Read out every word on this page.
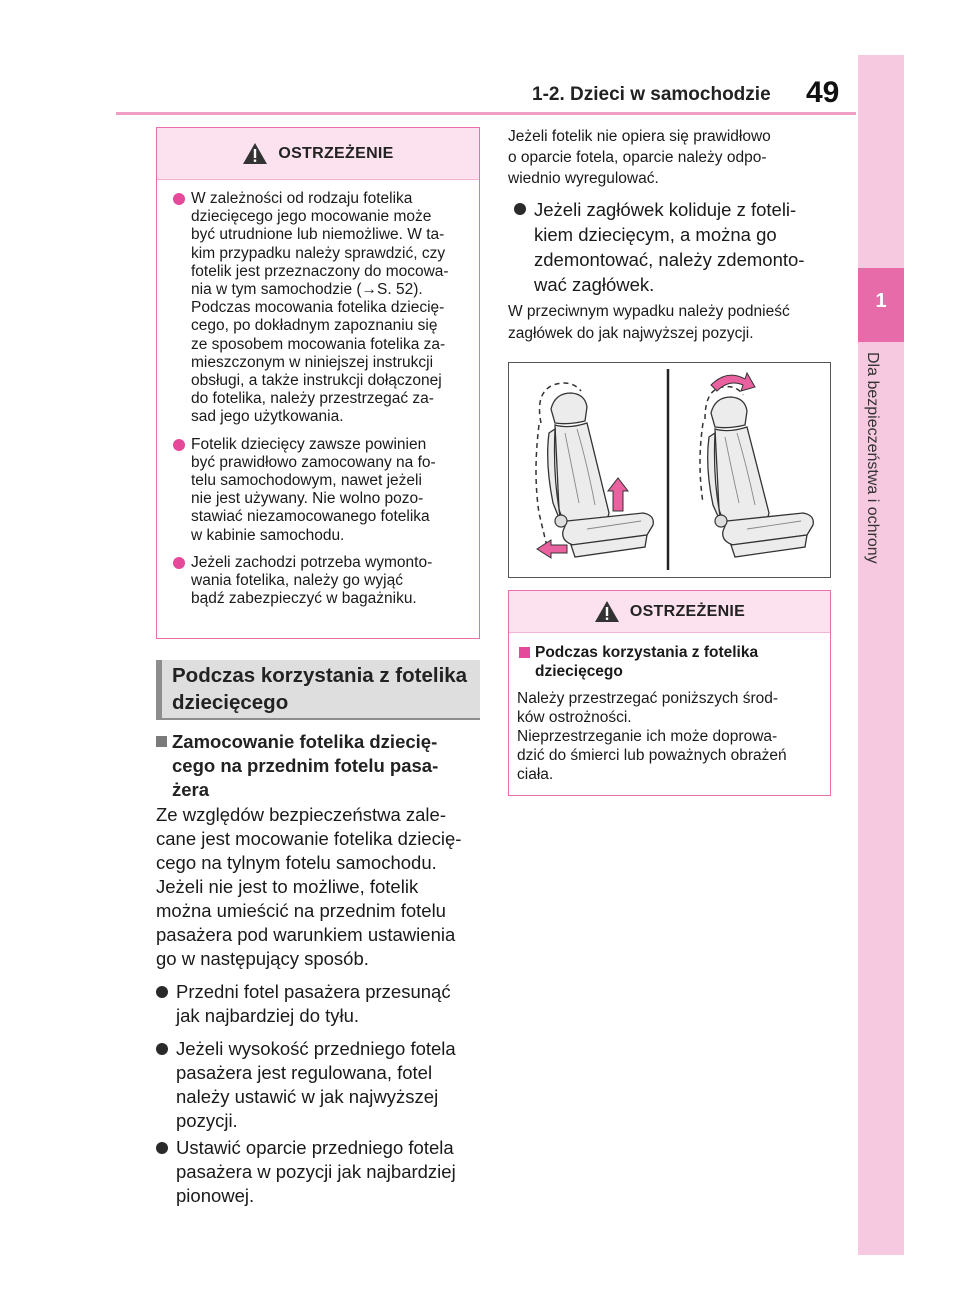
1-2. Dzieci w samochodzie 49
1
Dla bezpieczeństwa i ochrony
OSTRZEŻENIE
W zależności od rodzaju fotelika
dziecięcego jego mocowanie może
być utrudnione lub niemożliwe. W ta-
kim przypadku należy sprawdzić, czy
fotelik jest przeznaczony do mocowa-
nia w tym samochodzie (→S. 52).
Podczas mocowania fotelika dziecię-
cego, po dokładnym zapoznaniu się
ze sposobem mocowania fotelika za-
mieszczonym w niniejszej instrukcji
obsługi, a także instrukcji dołączonej
do fotelika, należy przestrzegać za-
sad jego użytkowania.
Fotelik dziecięcy zawsze powinien
być prawidłowo zamocowany na fo-
telu samochodowym, nawet jeżeli
nie jest używany. Nie wolno pozo-
stawiać niezamocowanego fotelika
w kabinie samochodu.
Jeżeli zachodzi potrzeba wymonto-
wania fotelika, należy go wyjąć
bądź zabezpieczyć w bagażniku.
Podczas korzystania z fotelika
dziecięcego
Zamocowanie fotelika dziecię-
cego na przednim fotelu pasa-
żera
Ze względów bezpieczeństwa zale-
cane jest mocowanie fotelika dziecię-
cego na tylnym fotelu samochodu.
Jeżeli nie jest to możliwe, fotelik
można umieścić na przednim fotelu
pasażera pod warunkiem ustawienia
go w następujący sposób.
Przedni fotel pasażera przesunąć
jak najbardziej do tyłu.
Jeżeli wysokość przedniego fotela
pasażera jest regulowana, fotel
należy ustawić w jak najwyższej
pozycji.
Ustawić oparcie przedniego fotela
pasażera w pozycji jak najbardziej
pionowej.
Jeżeli fotelik nie opiera się prawidłowo
o oparcie fotela, oparcie należy odpo-
wiednio wyregulować.
Jeżeli zagłówek koliduje z foteli-
kiem dziecięcym, a można go
zdemontować, należy zdemonto-
wać zagłówek.
W przeciwnym wypadku należy podnieść
zagłówek do jak najwyższej pozycji.
OSTRZEŻENIE
Podczas korzystania z fotelika
dziecięcego
Należy przestrzegać poniższych środ-
ków ostrożności.
Nieprzestrzeganie ich może doprowa-
dzić do śmierci lub poważnych obrażeń
ciała.
